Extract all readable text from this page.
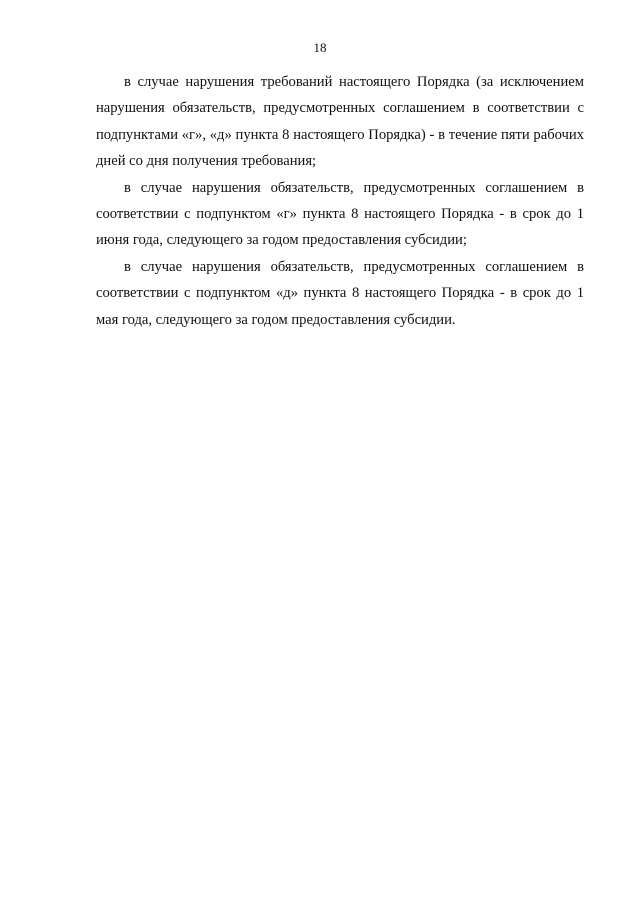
18

в случае нарушения требований настоящего Порядка (за исключением нарушения обязательств, предусмотренных соглашением в соответствии с подпунктами «г», «д» пункта 8 настоящего Порядка) - в течение пяти рабочих дней со дня получения требования;

в случае нарушения обязательств, предусмотренных соглашением в соответствии с подпунктом «г» пункта 8 настоящего Порядка - в срок до 1 июня года, следующего за годом предоставления субсидии;

в случае нарушения обязательств, предусмотренных соглашением в соответствии с подпунктом «д» пункта 8 настоящего Порядка - в срок до 1 мая года, следующего за годом предоставления субсидии.
